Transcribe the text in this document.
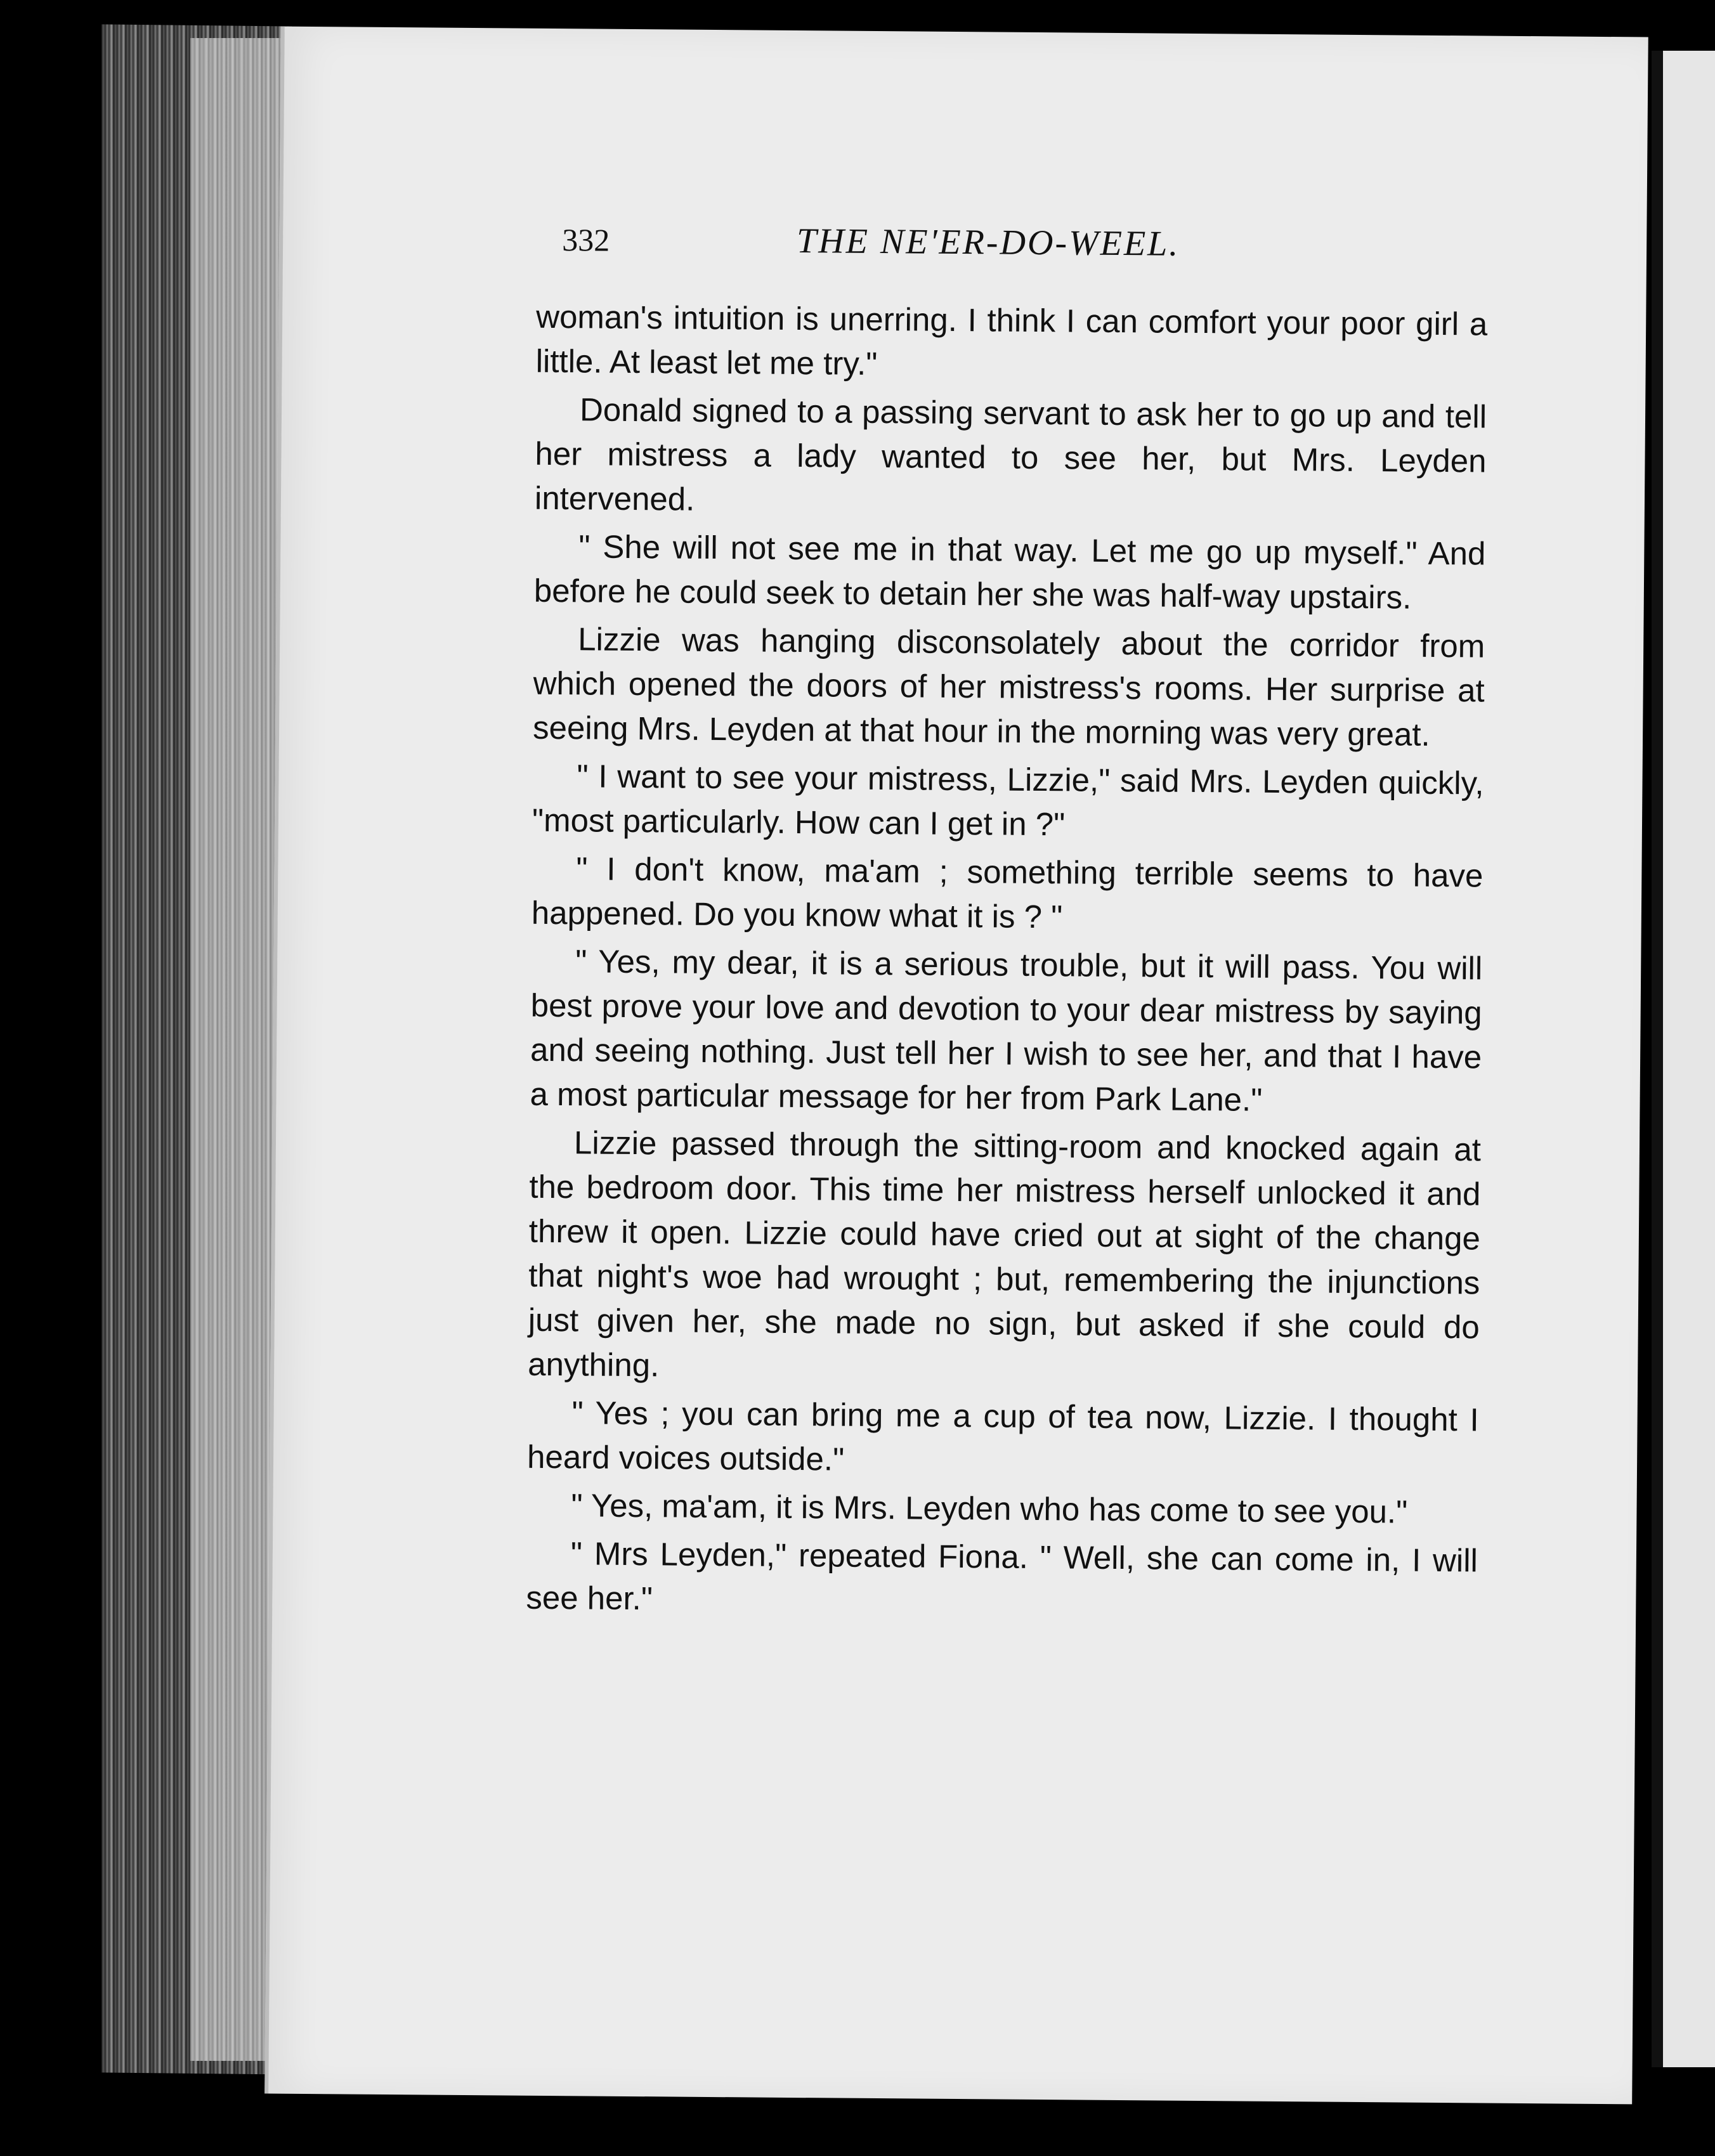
332	THE NE'ER-DO-WEEL.

woman's intuition is unerring. I think I can comfort your poor girl a little. At least let me try."

Donald signed to a passing servant to ask her to go up and tell her mistress a lady wanted to see her, but Mrs. Leyden intervened.

" She will not see me in that way. Let me go up myself." And before he could seek to detain her she was half-way upstairs.

Lizzie was hanging disconsolately about the corridor from which opened the doors of her mistress's rooms. Her surprise at seeing Mrs. Leyden at that hour in the morning was very great.

" I want to see your mistress, Lizzie," said Mrs. Leyden quickly, "most particularly. How can I get in ?"

" I don't know, ma'am ; something terrible seems to have happened. Do you know what it is ? "

" Yes, my dear, it is a serious trouble, but it will pass. You will best prove your love and devotion to your dear mistress by saying and seeing nothing. Just tell her I wish to see her, and that I have a most particular message for her from Park Lane."

Lizzie passed through the sitting-room and knocked again at the bedroom door. This time her mistress herself unlocked it and threw it open. Lizzie could have cried out at sight of the change that night's woe had wrought ; but, remembering the injunctions just given her, she made no sign, but asked if she could do anything.

" Yes ; you can bring me a cup of tea now, Lizzie. I thought I heard voices outside."

" Yes, ma'am, it is Mrs. Leyden who has come to see you."

" Mrs Leyden," repeated Fiona. " Well, she can come in, I will see her."
